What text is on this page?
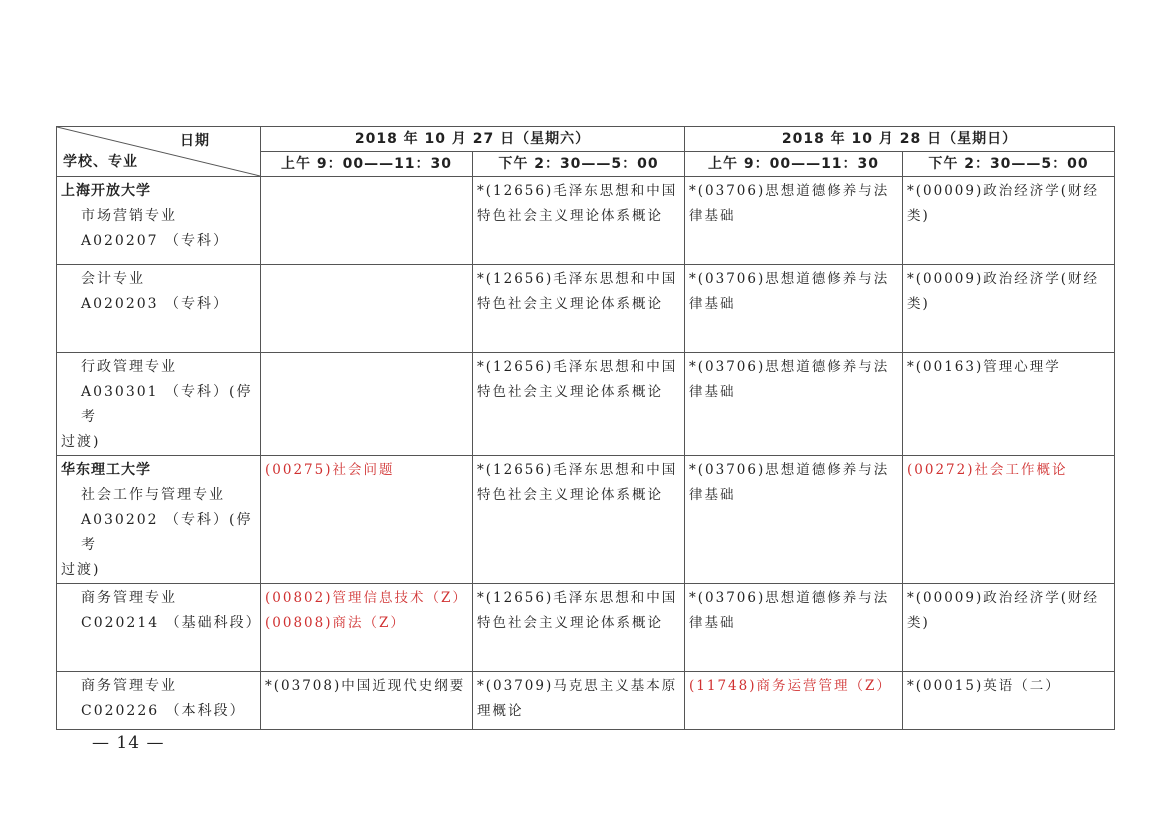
日期
学校、专业	2018 年 10 月 27 日（星期六）		2018 年 10 月 28 日（星期日）	
	上午 9：00——11：30	下午 2：30——5：00	上午 9：00——11：30	下午 2：30——5：00

上海开放大学
市场营销专业
A020207 （专科）		*(12656)毛泽东思想和中国特色社会主义理论体系概论	*(03706)思想道德修养与法律基础	*(00009)政治经济学(财经类)

会计专业
A020203 （专科）		*(12656)毛泽东思想和中国特色社会主义理论体系概论	*(03706)思想道德修养与法律基础	*(00009)政治经济学(财经类)

行政管理专业
A030301 （专科）(停考
过渡)		*(12656)毛泽东思想和中国特色社会主义理论体系概论	*(03706)思想道德修养与法律基础	*(00163)管理心理学

华东理工大学
社会工作与管理专业
A030202 （专科）(停考
过渡)	(00275)社会问题	*(12656)毛泽东思想和中国特色社会主义理论体系概论	*(03706)思想道德修养与法律基础	(00272)社会工作概论

商务管理专业
C020214 （基础科段）	(00802)管理信息技术（Z）
(00808)商法（Z）	*(12656)毛泽东思想和中国特色社会主义理论体系概论	*(03706)思想道德修养与法律基础	*(00009)政治经济学(财经类)

商务管理专业
C020226 （本科段）	*(03708)中国近现代史纲要	*(03709)马克思主义基本原理概论	(11748)商务运营管理（Z）	*(00015)英语（二）
— 14 —
